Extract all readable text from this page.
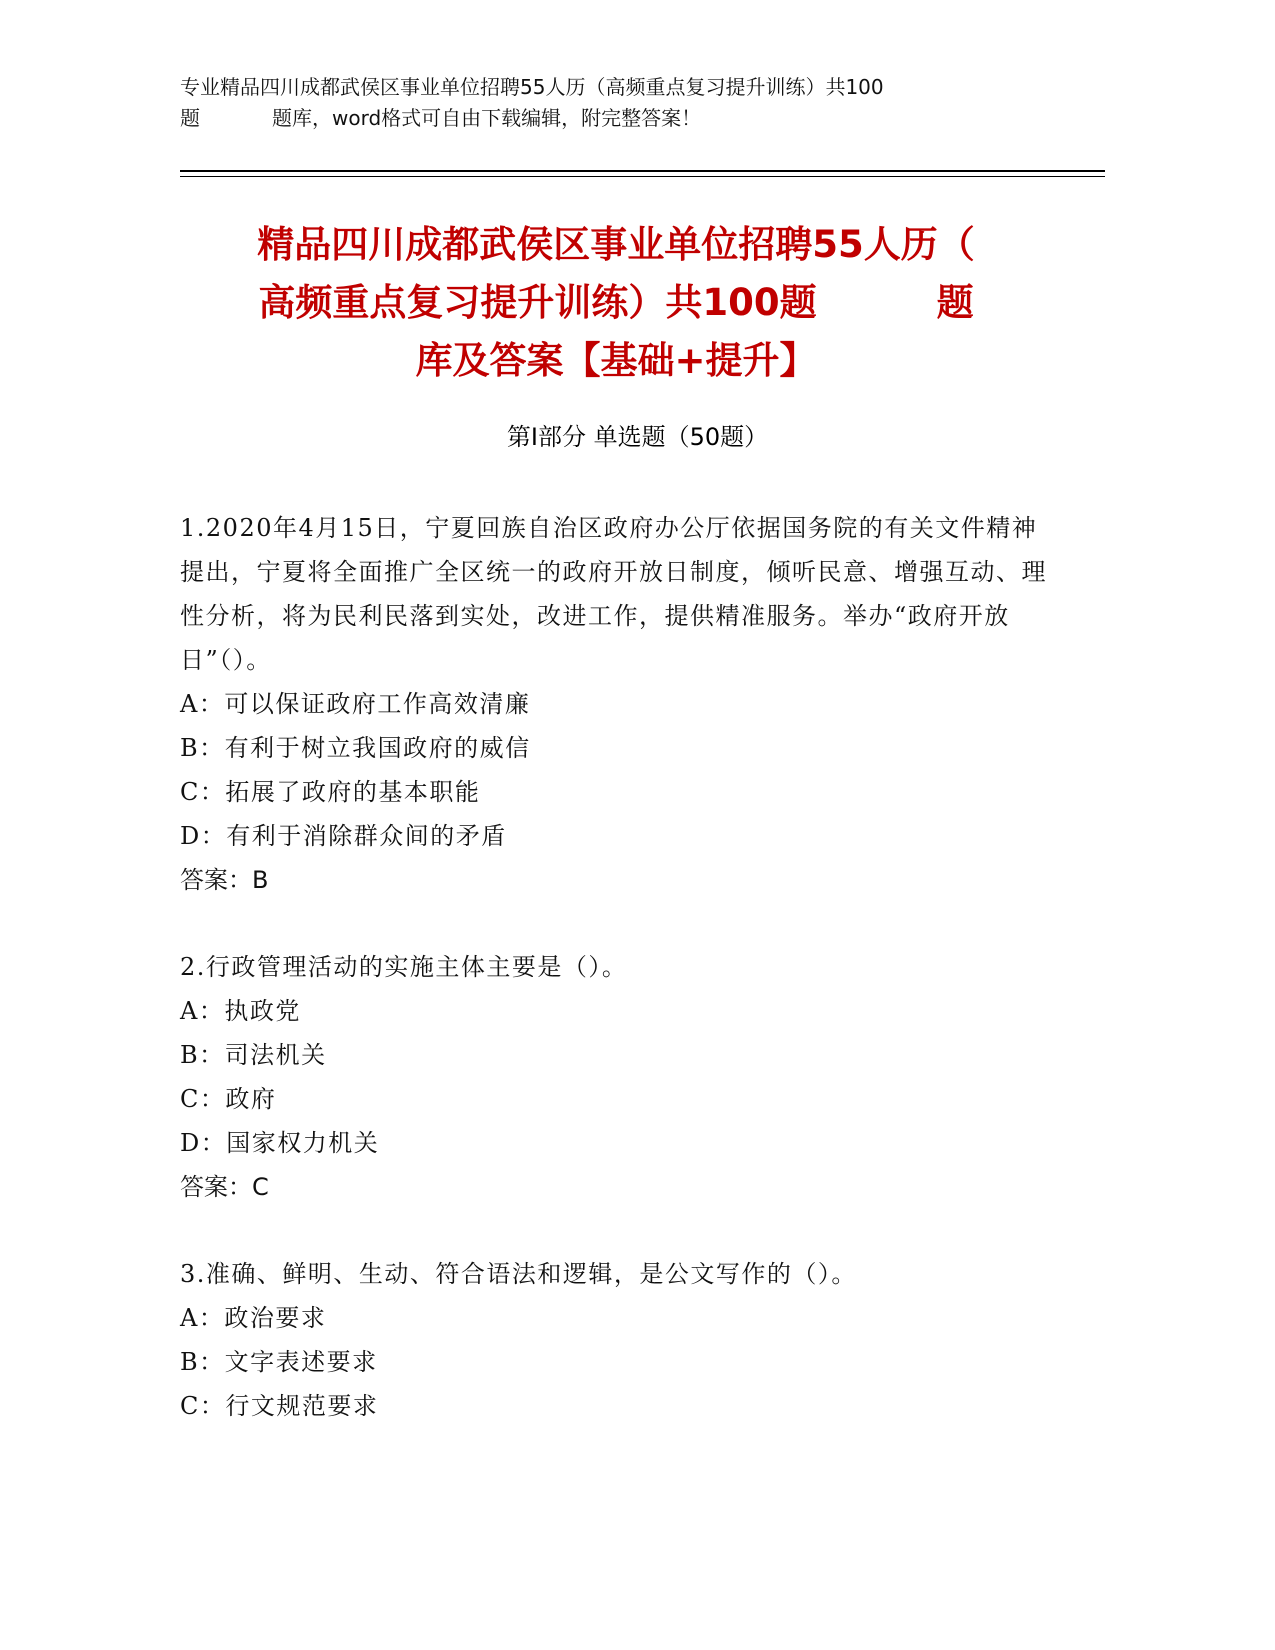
专业精品四川成都武侯区事业单位招聘55人历（高频重点复习提升训练）共100
题	题库，word格式可自由下载编辑，附完整答案！
精品四川成都武侯区事业单位招聘55人历（
高频重点复习提升训练）共100题	题
库及答案【基础+提升】
第Ⅰ部分 单选题（50题）

1.2020年4月15日，宁夏回族自治区政府办公厅依据国务院的有关文件精神提出，宁夏将全面推广全区统一的政府开放日制度，倾听民意、增强互动、理性分析，将为民利民落到实处，改进工作，提供精准服务。举办“政府开放日”（）。

A：可以保证政府工作高效清廉

B：有利于树立我国政府的威信

C：拓展了政府的基本职能

D：有利于消除群众间的矛盾

答案：B

2.行政管理活动的实施主体主要是（）。

A：执政党

B：司法机关

C：政府

D：国家权力机关

答案：C

3.准确、鲜明、生动、符合语法和逻辑，是公文写作的（）。

A：政治要求

B：文字表述要求

C：行文规范要求
